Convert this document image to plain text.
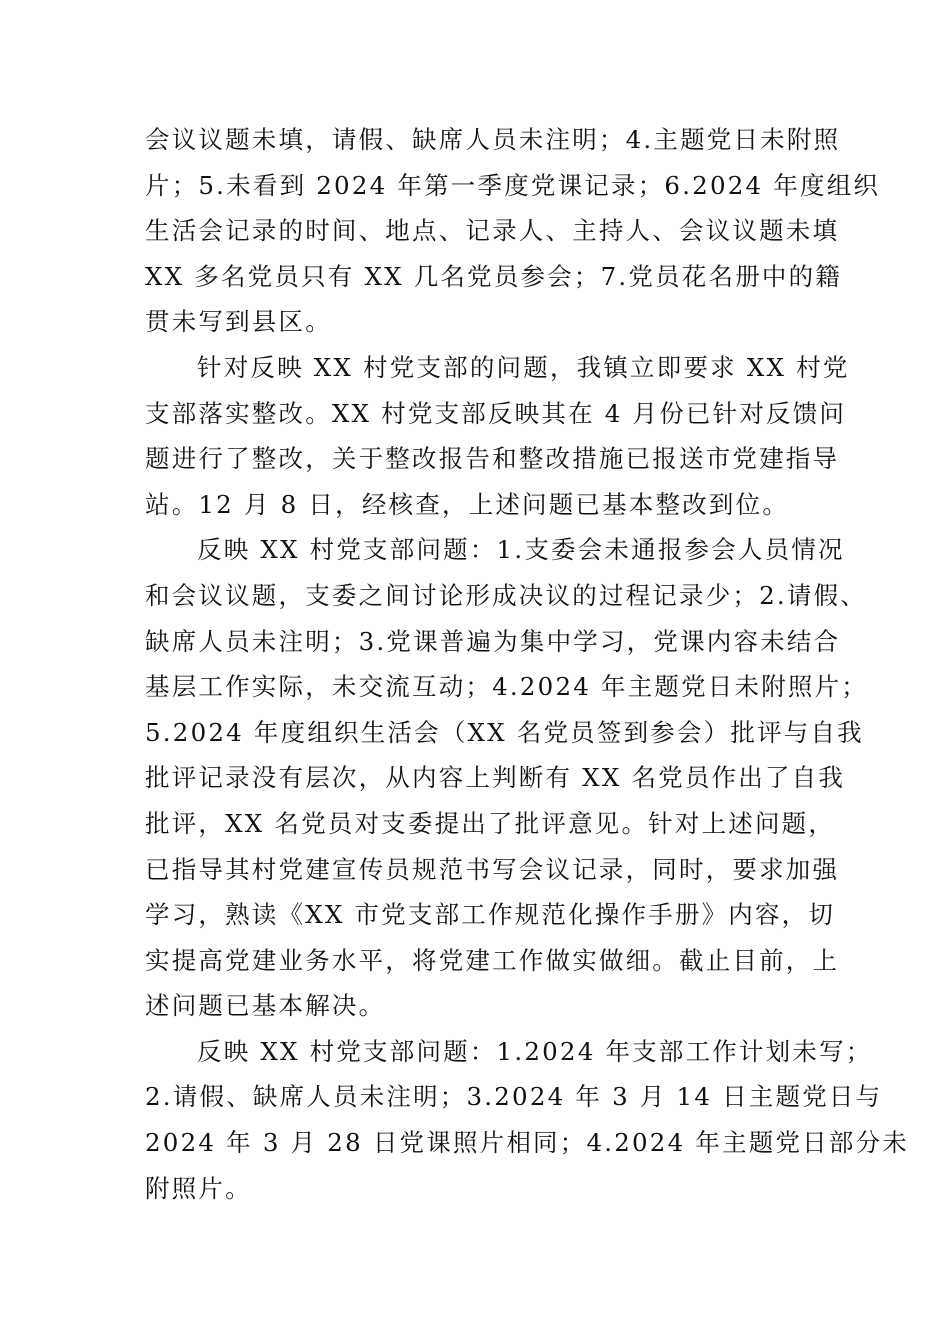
会议议题未填，请假、缺席人员未注明；4.主题党日未附照
片；5.未看到 2024 年第一季度党课记录；6.2024 年度组织
生活会记录的时间、地点、记录人、主持人、会议议题未填
XX 多名党员只有 XX 几名党员参会；7.党员花名册中的籍
贯未写到县区。
针对反映 XX 村党支部的问题，我镇立即要求 XX 村党
支部落实整改。XX 村党支部反映其在 4 月份已针对反馈问
题进行了整改，关于整改报告和整改措施已报送市党建指导
站。12 月 8 日，经核查，上述问题已基本整改到位。
反映 XX 村党支部问题：1.支委会未通报参会人员情况
和会议议题，支委之间讨论形成决议的过程记录少；2.请假、
缺席人员未注明；3.党课普遍为集中学习，党课内容未结合
基层工作实际，未交流互动；4.2024 年主题党日未附照片；
5.2024 年度组织生活会（XX 名党员签到参会）批评与自我
批评记录没有层次，从内容上判断有 XX 名党员作出了自我
批评，XX 名党员对支委提出了批评意见。针对上述问题，
已指导其村党建宣传员规范书写会议记录，同时，要求加强
学习，熟读《XX 市党支部工作规范化操作手册》内容，切
实提高党建业务水平，将党建工作做实做细。截止目前，上
述问题已基本解决。
反映 XX 村党支部问题：1.2024 年支部工作计划未写；
2.请假、缺席人员未注明；3.2024 年 3 月 14 日主题党日与
2024 年 3 月 28 日党课照片相同；4.2024 年主题党日部分未
附照片。
